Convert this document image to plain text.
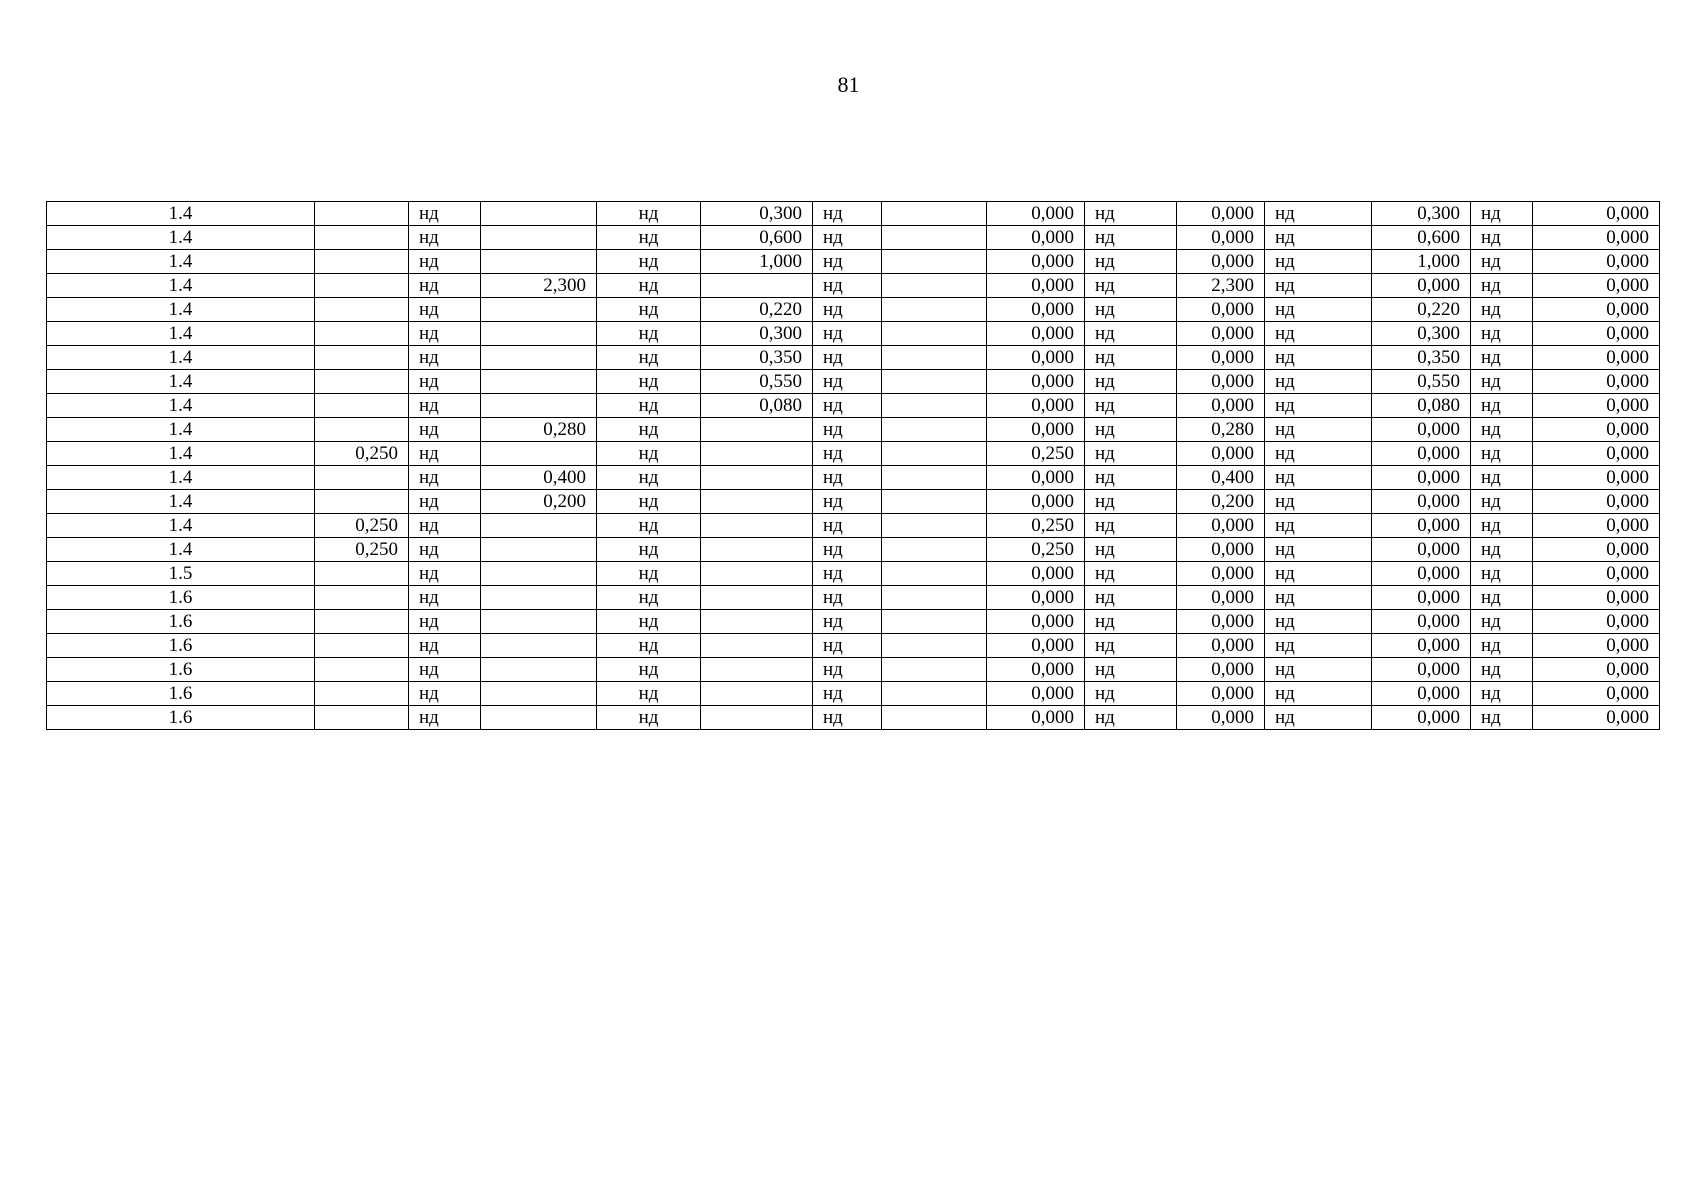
81
1.4		нд		нд	0,300	нд		0,000	нд	0,000	нд	0,300	нд	0,000
1.4		нд		нд	0,600	нд		0,000	нд	0,000	нд	0,600	нд	0,000
1.4		нд		нд	1,000	нд		0,000	нд	0,000	нд	1,000	нд	0,000
1.4		нд	2,300	нд		нд		0,000	нд	2,300	нд	0,000	нд	0,000
1.4		нд		нд	0,220	нд		0,000	нд	0,000	нд	0,220	нд	0,000
1.4		нд		нд	0,300	нд		0,000	нд	0,000	нд	0,300	нд	0,000
1.4		нд		нд	0,350	нд		0,000	нд	0,000	нд	0,350	нд	0,000
1.4		нд		нд	0,550	нд		0,000	нд	0,000	нд	0,550	нд	0,000
1.4		нд		нд	0,080	нд		0,000	нд	0,000	нд	0,080	нд	0,000
1.4		нд	0,280	нд		нд		0,000	нд	0,280	нд	0,000	нд	0,000
1.4	0,250	нд		нд		нд		0,250	нд	0,000	нд	0,000	нд	0,000
1.4		нд	0,400	нд		нд		0,000	нд	0,400	нд	0,000	нд	0,000
1.4		нд	0,200	нд		нд		0,000	нд	0,200	нд	0,000	нд	0,000
1.4	0,250	нд		нд		нд		0,250	нд	0,000	нд	0,000	нд	0,000
1.4	0,250	нд		нд		нд		0,250	нд	0,000	нд	0,000	нд	0,000
1.5		нд		нд		нд		0,000	нд	0,000	нд	0,000	нд	0,000
1.6		нд		нд		нд		0,000	нд	0,000	нд	0,000	нд	0,000
1.6		нд		нд		нд		0,000	нд	0,000	нд	0,000	нд	0,000
1.6		нд		нд		нд		0,000	нд	0,000	нд	0,000	нд	0,000
1.6		нд		нд		нд		0,000	нд	0,000	нд	0,000	нд	0,000
1.6		нд		нд		нд		0,000	нд	0,000	нд	0,000	нд	0,000
1.6		нд		нд		нд		0,000	нд	0,000	нд	0,000	нд	0,000
